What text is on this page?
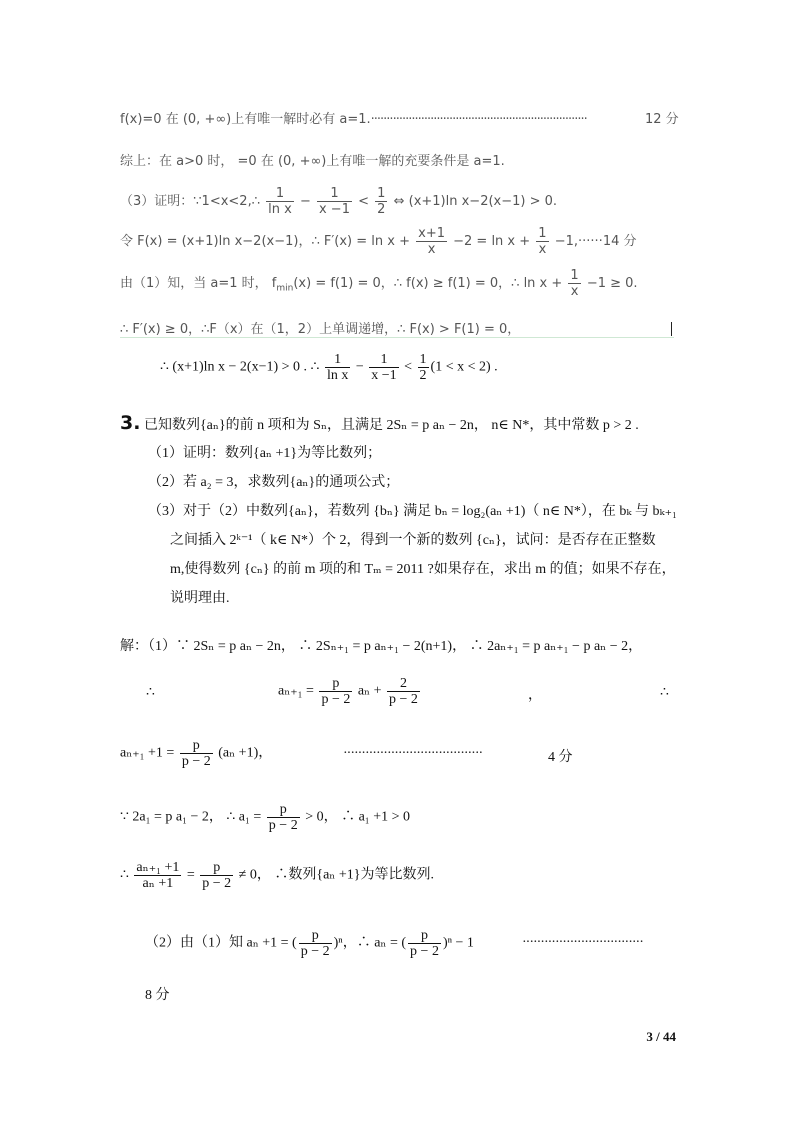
f(x)=0 在 (0, +∞)上有唯一解时必有 a=1.·····································································	12 分
综上：在 a>0 时， =0 在 (0, +∞)上有唯一解的充要条件是 a=1.
（3）证明：∵1<x<2,∴ $\frac{1}{\text{ln x}} - \frac{1}{x -1} < \frac{1}{2}$ ⇔ (x+1)ln x−2(x−1) > 0.
令 F(x) = (x+1)ln x−2(x−1)，∴ $F'(x) = \ln x + \frac{x+1}{x} -2 = \ln x + \frac{1}{x} -1,\cdot\cdot\cdot\cdot\cdot\cdot 14$ 分
由（1）知，当 a=1 时， $f_{min}(x) = f(1) = 0$，∴ f(x) ≥ f(1) = 0，∴ $\ln x + \frac{1}{x} -1 \ge 0$.
∴ F′(x) ≥ 0，∴F（x）在（1，2）上单调递增，∴ F(x) > F(1) = 0，
∴ (x+1)ln x − 2(x−1) > 0 . ∴ $\frac{1}{\text{ln x}} - \frac{1}{x -1} < \frac{1}{2} (1 < x < 2)$ .
3. 已知数列{aₙ}的前 n 项和为 Sₙ，且满足 2Sₙ = p aₙ − 2n， n∈ N*，其中常数 p > 2 .
（1）证明：数列{aₙ +1}为等比数列；
（2）若 a₂ = 3，求数列{aₙ}的通项公式；
（3）对于（2）中数列{aₙ}，若数列 {bₙ} 满足 bₙ = log₂(aₙ +1)（ n∈ N*），在 bₖ 与 bₖ₊₁
之间插入 2ᵏ⁻¹（ k∈ N*）个 2，得到一个新的数列 {cₙ}，试问：是否存在正整数
m,使得数列 {cₙ} 的前 m 项的和 Tₘ = 2011 ?如果存在，求出 m 的值；如果不存在，
说明理由.
解：（1）∵ 2Sₙ = p aₙ − 2n， ∴ 2Sₙ₊₁ = p aₙ₊₁ − 2(n+1)， ∴ 2aₙ₊₁ = p aₙ₊₁ − p aₙ − 2，
∴	$a_{n+1} = \frac{p}{p - 2}$ $a_n + \frac{2}{p - 2}$	，	∴
$a_{n+1} +1 = \frac{p}{p - 2} (a_n +1)$，	······································	4 分
∵ 2a₁ = p a₁ − 2， ∴ $a_1 = \frac{p}{p - 2} > 0$， ∴ a₁ +1 > 0
∴ $\frac{\text{aₙ₊₁ +1}}{\text{aₙ +1}} = \frac{p}{p - 2} \ne 0$， ∴数列{aₙ +1}为等比数列.
（2）由（1）知 aₙ +1 = ( $\frac{p}{p - 2} )^n$，∴ aₙ = ( $\frac{p}{p - 2} )^n - 1$	·································
8 分
3 / 44
